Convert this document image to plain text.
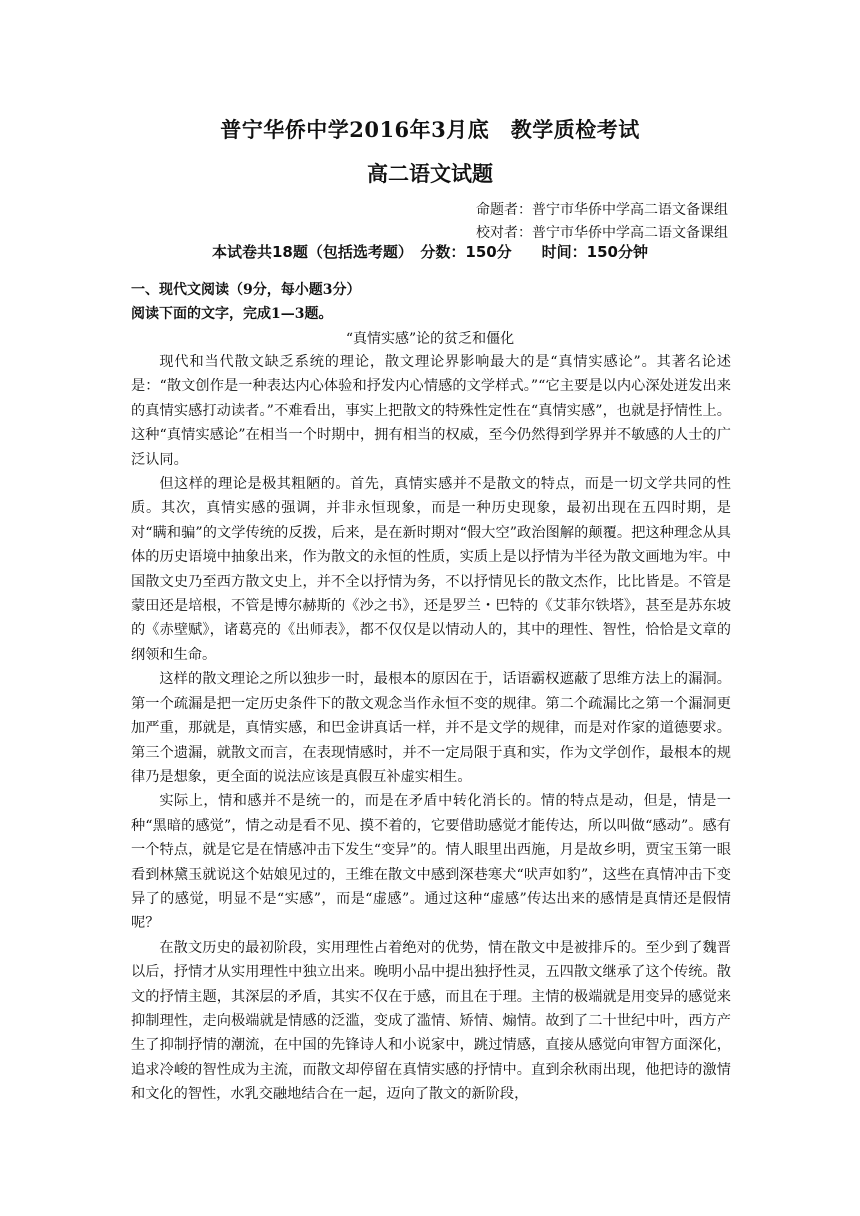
普宁华侨中学2016年3月底　教学质检考试
高二语文试题
命题者：普宁市华侨中学高二语文备课组
校对者：普宁市华侨中学高二语文备课组
本试卷共18题（包括选考题）　分数：150分　　时间：150分钟
一、现代文阅读（9分，每小题3分）
阅读下面的文字，完成1—3题。
“真情实感”论的贫乏和僵化

现代和当代散文缺乏系统的理论，散文理论界影响最大的是“真情实感论”。其著名论述是：“散文创作是一种表达内心体验和抒发内心情感的文学样式。”“它主要是以内心深处迸发出来的真情实感打动读者。”不难看出，事实上把散文的特殊性定性在“真情实感”，也就是抒情性上。这种“真情实感论”在相当一个时期中，拥有相当的权威，至今仍然得到学界并不敏感的人士的广泛认同。

但这样的理论是极其粗陋的。首先，真情实感并不是散文的特点，而是一切文学共同的性质。其次，真情实感的强调，并非永恒现象，而是一种历史现象，最初出现在五四时期，是对“瞒和骗”的文学传统的反拨，后来，是在新时期对“假大空”政治图解的颠覆。把这种理念从具体的历史语境中抽象出来，作为散文的永恒的性质，实质上是以抒情为半径为散文画地为牢。中国散文史乃至西方散文史上，并不全以抒情为务，不以抒情见长的散文杰作，比比皆是。不管是蒙田还是培根，不管是博尔赫斯的《沙之书》，还是罗兰・巴特的《艾菲尔铁塔》，甚至是苏东坡的《赤壁赋》，诸葛亮的《出师表》，都不仅仅是以情动人的，其中的理性、智性，恰恰是文章的纲领和生命。

这样的散文理论之所以独步一时，最根本的原因在于，话语霸权遮蔽了思维方法上的漏洞。第一个疏漏是把一定历史条件下的散文观念当作永恒不变的规律。第二个疏漏比之第一个漏洞更加严重，那就是，真情实感，和巴金讲真话一样，并不是文学的规律，而是对作家的道德要求。第三个遗漏，就散文而言，在表现情感时，并不一定局限于真和实，作为文学创作，最根本的规律乃是想象，更全面的说法应该是真假互补虚实相生。

实际上，情和感并不是统一的，而是在矛盾中转化消长的。情的特点是动，但是，情是一种“黑暗的感觉”，情之动是看不见、摸不着的，它要借助感觉才能传达，所以叫做“感动”。感有一个特点，就是它是在情感冲击下发生“变异”的。情人眼里出西施，月是故乡明，贾宝玉第一眼看到林黛玉就说这个姑娘见过的，王维在散文中感到深巷寒犬“吠声如豹”，这些在真情冲击下变异了的感觉，明显不是“实感”，而是“虚感”。通过这种“虚感”传达出来的感情是真情还是假情呢？

在散文历史的最初阶段，实用理性占着绝对的优势，情在散文中是被排斥的。至少到了魏晋以后，抒情才从实用理性中独立出来。晚明小品中提出独抒性灵，五四散文继承了这个传统。散文的抒情主题，其深层的矛盾，其实不仅在于感，而且在于理。主情的极端就是用变异的感觉来抑制理性，走向极端就是情感的泛滥，变成了滥情、矫情、煽情。故到了二十世纪中叶，西方产生了抑制抒情的潮流，在中国的先锋诗人和小说家中，跳过情感，直接从感觉向审智方面深化，追求冷峻的智性成为主流，而散文却停留在真情实感的抒情中。直到余秋雨出现，他把诗的激情和文化的智性，水乳交融地结合在一起，迈向了散文的新阶段，
